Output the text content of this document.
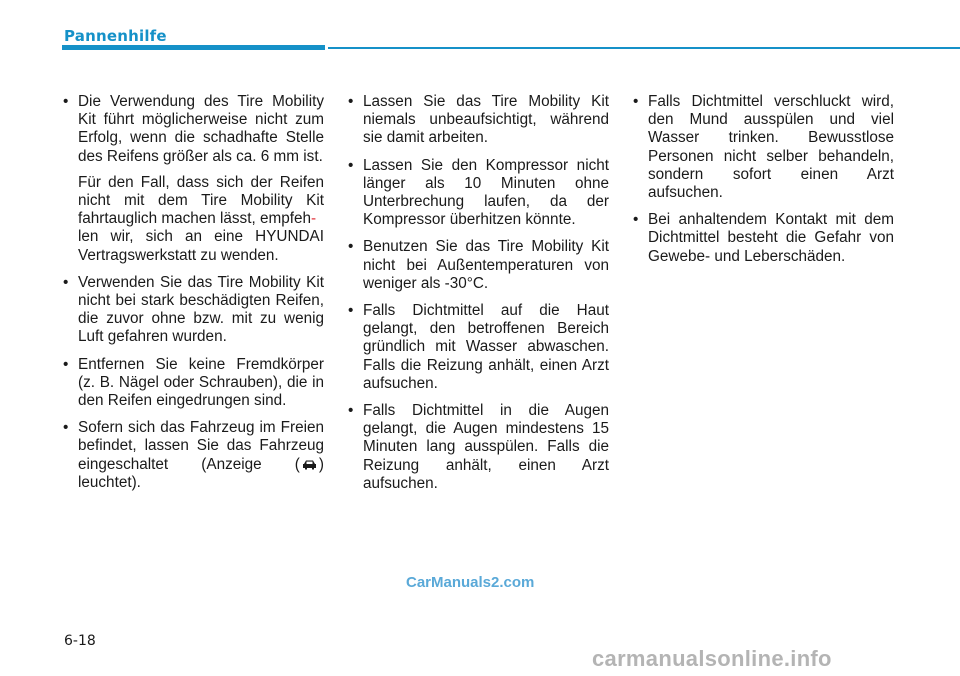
Pannenhilfe
• Die Verwendung des Tire Mobility Kit führt möglicherweise nicht zum Erfolg, wenn die schadhafte Stelle des Reifens größer als ca. 6 mm ist.
Für den Fall, dass sich der Reifen nicht mit dem Tire Mobility Kit fahrtauglich machen lässt, empfeh-
len wir, sich an eine HYUNDAI Vertragswerkstatt zu wenden.
• Verwenden Sie das Tire Mobility Kit nicht bei stark beschädigten Reifen, die zuvor ohne bzw. mit zu wenig Luft gefahren wurden.
• Entfernen Sie keine Fremdkörper (z. B. Nägel oder Schrauben), die in den Reifen eingedrungen sind.
• Sofern sich das Fahrzeug im Freien befindet, lassen Sie das Fahrzeug eingeschaltet (Anzeige ( ) leuchtet).
• Lassen Sie das Tire Mobility Kit niemals unbeaufsichtigt, während sie damit arbeiten.
• Lassen Sie den Kompressor nicht länger als 10 Minuten ohne Unterbrechung laufen, da der Kompressor überhitzen könnte.
• Benutzen Sie das Tire Mobility Kit nicht bei Außentemperaturen von weniger als -30°C.
• Falls Dichtmittel auf die Haut gelangt, den betroffenen Bereich gründlich mit Wasser abwaschen. Falls die Reizung anhält, einen Arzt aufsuchen.
• Falls Dichtmittel in die Augen gelangt, die Augen mindestens 15 Minuten lang ausspülen. Falls die Reizung anhält, einen Arzt aufsuchen.
• Falls Dichtmittel verschluckt wird, den Mund ausspülen und viel Wasser trinken. Bewusstlose Personen nicht selber behandeln, sondern sofort einen Arzt aufsuchen.
• Bei anhaltendem Kontakt mit dem Dichtmittel besteht die Gefahr von Gewebe- und Leberschäden.
CarManuals2.com
6-18
carmanualsonline.info
